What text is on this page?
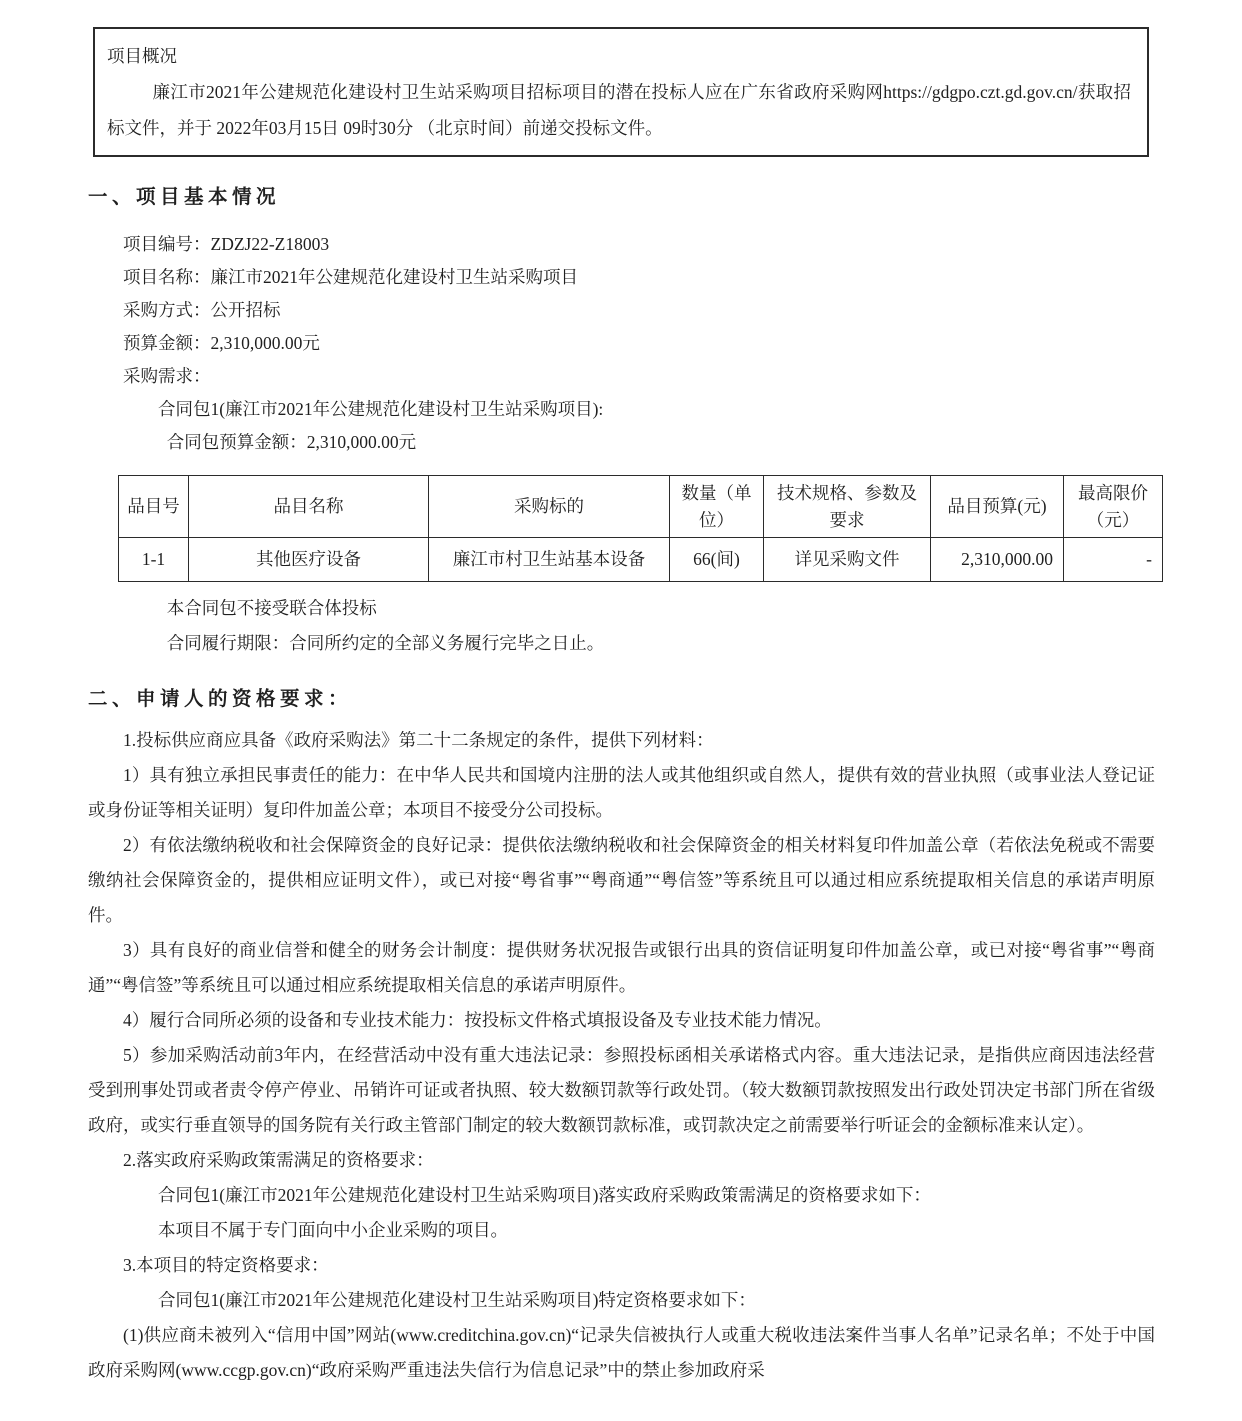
项目概况

廉江市2021年公建规范化建设村卫生站采购项目招标项目的潜在投标人应在广东省政府采购网https://gdgpo.czt.gd.gov.cn/获取招标文件，并于 2022年03月15日 09时30分 （北京时间）前递交投标文件。

一、项目基本情况

项目编号：ZDZJ22-Z18003

项目名称：廉江市2021年公建规范化建设村卫生站采购项目

采购方式：公开招标

预算金额：2,310,000.00元

采购需求：

合同包1(廉江市2021年公建规范化建设村卫生站采购项目):

合同包预算金额：2,310,000.00元

品目号	品目名称	采购标的	数量（单位）	技术规格、参数及要求	品目预算(元)	最高限价（元）
1-1	其他医疗设备	廉江市村卫生站基本设备	66(间)	详见采购文件	2,310,000.00	-

本合同包不接受联合体投标

合同履行期限：合同所约定的全部义务履行完毕之日止。

二、申请人的资格要求：

1.投标供应商应具备《政府采购法》第二十二条规定的条件，提供下列材料：

1）具有独立承担民事责任的能力：在中华人民共和国境内注册的法人或其他组织或自然人，提供有效的营业执照（或事业法人登记证或身份证等相关证明）复印件加盖公章；本项目不接受分公司投标。

2）有依法缴纳税收和社会保障资金的良好记录：提供依法缴纳税收和社会保障资金的相关材料复印件加盖公章（若依法免税或不需要缴纳社会保障资金的，提供相应证明文件），或已对接“粤省事”“粤商通”“粤信签”等系统且可以通过相应系统提取相关信息的承诺声明原件。

3）具有良好的商业信誉和健全的财务会计制度：提供财务状况报告或银行出具的资信证明复印件加盖公章，或已对接“粤省事”“粤商通”“粤信签”等系统且可以通过相应系统提取相关信息的承诺声明原件。

4）履行合同所必须的设备和专业技术能力：按投标文件格式填报设备及专业技术能力情况。

5）参加采购活动前3年内，在经营活动中没有重大违法记录：参照投标函相关承诺格式内容。重大违法记录，是指供应商因违法经营受到刑事处罚或者责令停产停业、吊销许可证或者执照、较大数额罚款等行政处罚。（较大数额罚款按照发出行政处罚决定书部门所在省级政府，或实行垂直领导的国务院有关行政主管部门制定的较大数额罚款标准，或罚款决定之前需要举行听证会的金额标准来认定）。

2.落实政府采购政策需满足的资格要求：

合同包1(廉江市2021年公建规范化建设村卫生站采购项目)落实政府采购政策需满足的资格要求如下：

本项目不属于专门面向中小企业采购的项目。

3.本项目的特定资格要求：

合同包1(廉江市2021年公建规范化建设村卫生站采购项目)特定资格要求如下：

(1)供应商未被列入“信用中国”网站(www.creditchina.gov.cn)“记录失信被执行人或重大税收违法案件当事人名单”记录名单；不处于中国政府采购网(www.ccgp.gov.cn)“政府采购严重违法失信行为信息记录”中的禁止参加政府采
